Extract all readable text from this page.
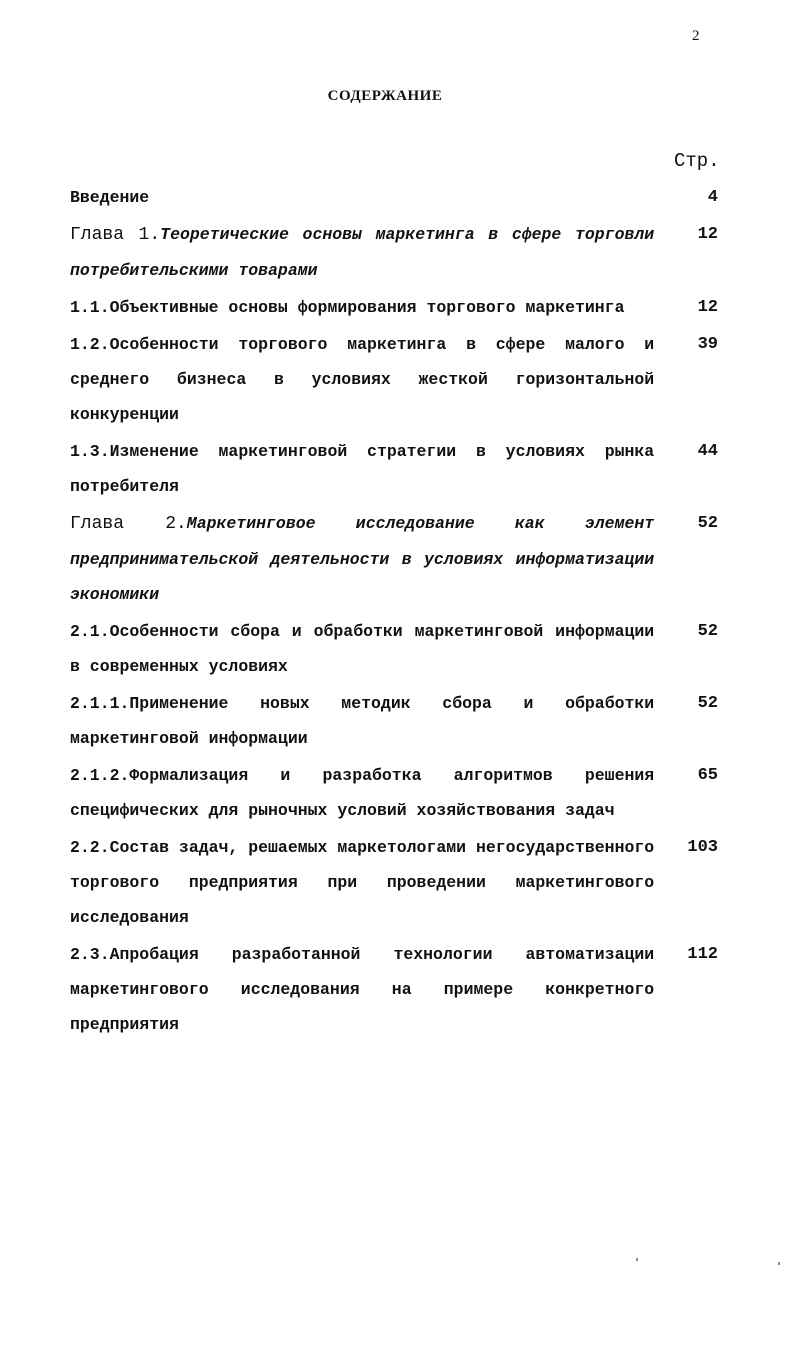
2
СОДЕРЖАНИЕ
Стр.
Введение	4
Глава 1.Теоретические основы маркетинга в сфере торговли потребительскими товарами
12
1.1.Объективные основы формирования торгового маркетинга	12
1.2.Особенности торгового маркетинга в сфере малого и среднего бизнеса в условиях жесткой горизонтальной конкуренции
39
1.3.Изменение маркетинговой стратегии в условиях рынка потребителя
44
Глава 2.Маркетинговое исследование как элемент предпринимательской деятельности в условиях информатизации экономики
52
2.1.Особенности сбора и обработки маркетинговой информации в современных условиях
52
2.1.1.Применение новых методик сбора и обработки маркетинговой информации
52
2.1.2.Формализация и разработка алгоритмов решения специфических для рыночных условий хозяйствования задач
65
2.2.Состав задач, решаемых маркетологами негосударственного торгового предприятия при проведении маркетингового исследования
103
2.3.Апробация разработанной технологии автоматизации маркетингового исследования на примере конкретного предприятия
112
